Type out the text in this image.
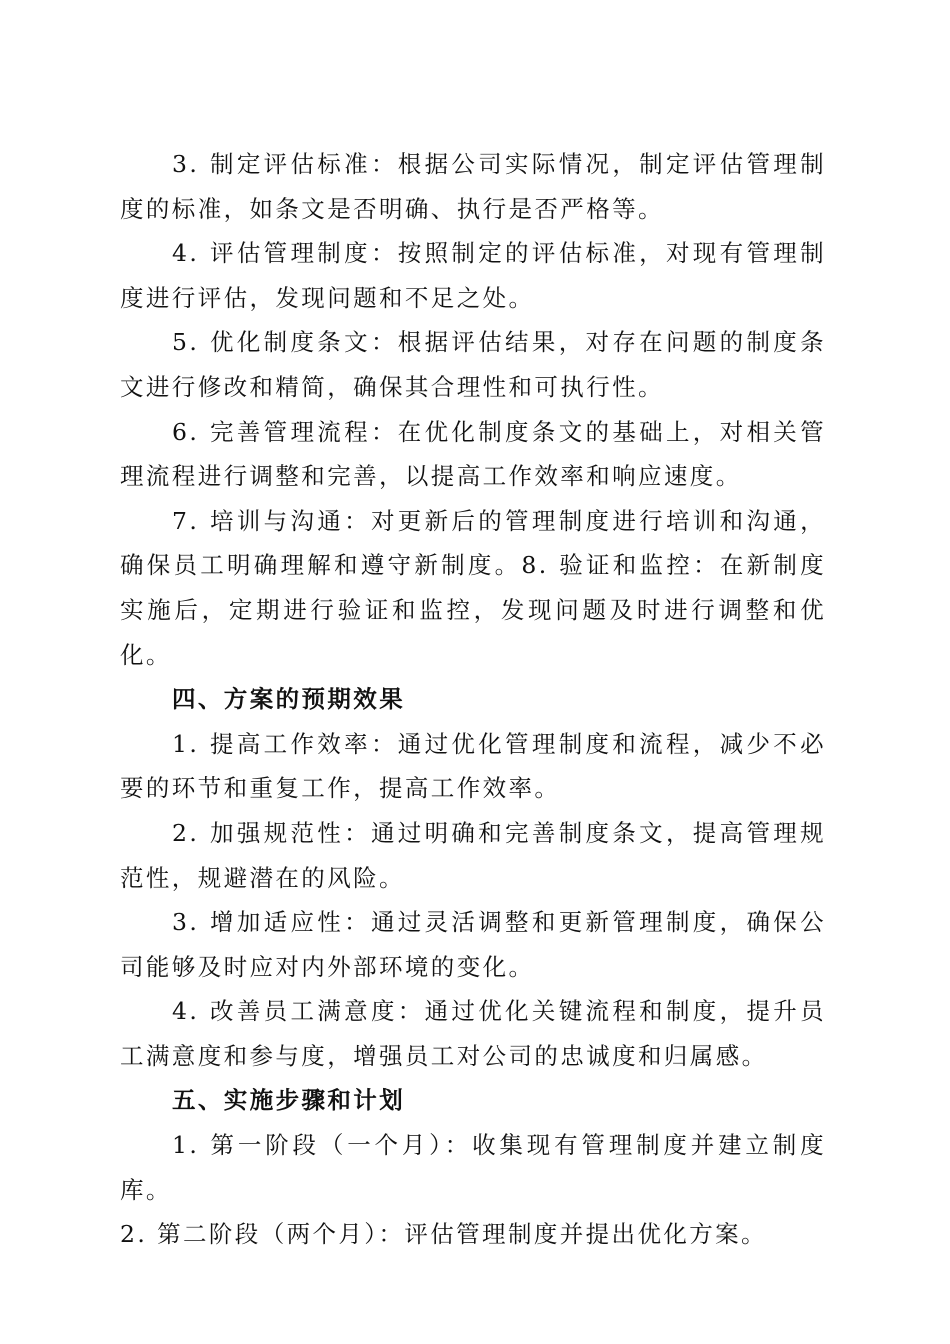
3. 制定评估标准：根据公司实际情况，制定评估管理制度的标准，如条文是否明确、执行是否严格等。

4. 评估管理制度：按照制定的评估标准，对现有管理制度进行评估，发现问题和不足之处。

5. 优化制度条文：根据评估结果，对存在问题的制度条文进行修改和精简，确保其合理性和可执行性。

6. 完善管理流程：在优化制度条文的基础上，对相关管理流程进行调整和完善，以提高工作效率和响应速度。

7. 培训与沟通：对更新后的管理制度进行培训和沟通，确保员工明确理解和遵守新制度。8. 验证和监控：在新制度实施后，定期进行验证和监控，发现问题及时进行调整和优化。

四、方案的预期效果

1. 提高工作效率：通过优化管理制度和流程，减少不必要的环节和重复工作，提高工作效率。

2. 加强规范性：通过明确和完善制度条文，提高管理规范性，规避潜在的风险。

3. 增加适应性：通过灵活调整和更新管理制度，确保公司能够及时应对内外部环境的变化。

4. 改善员工满意度：通过优化关键流程和制度，提升员工满意度和参与度，增强员工对公司的忠诚度和归属感。

五、实施步骤和计划

1. 第一阶段（一个月）：收集现有管理制度并建立制度库。

2. 第二阶段（两个月）：评估管理制度并提出优化方案。
